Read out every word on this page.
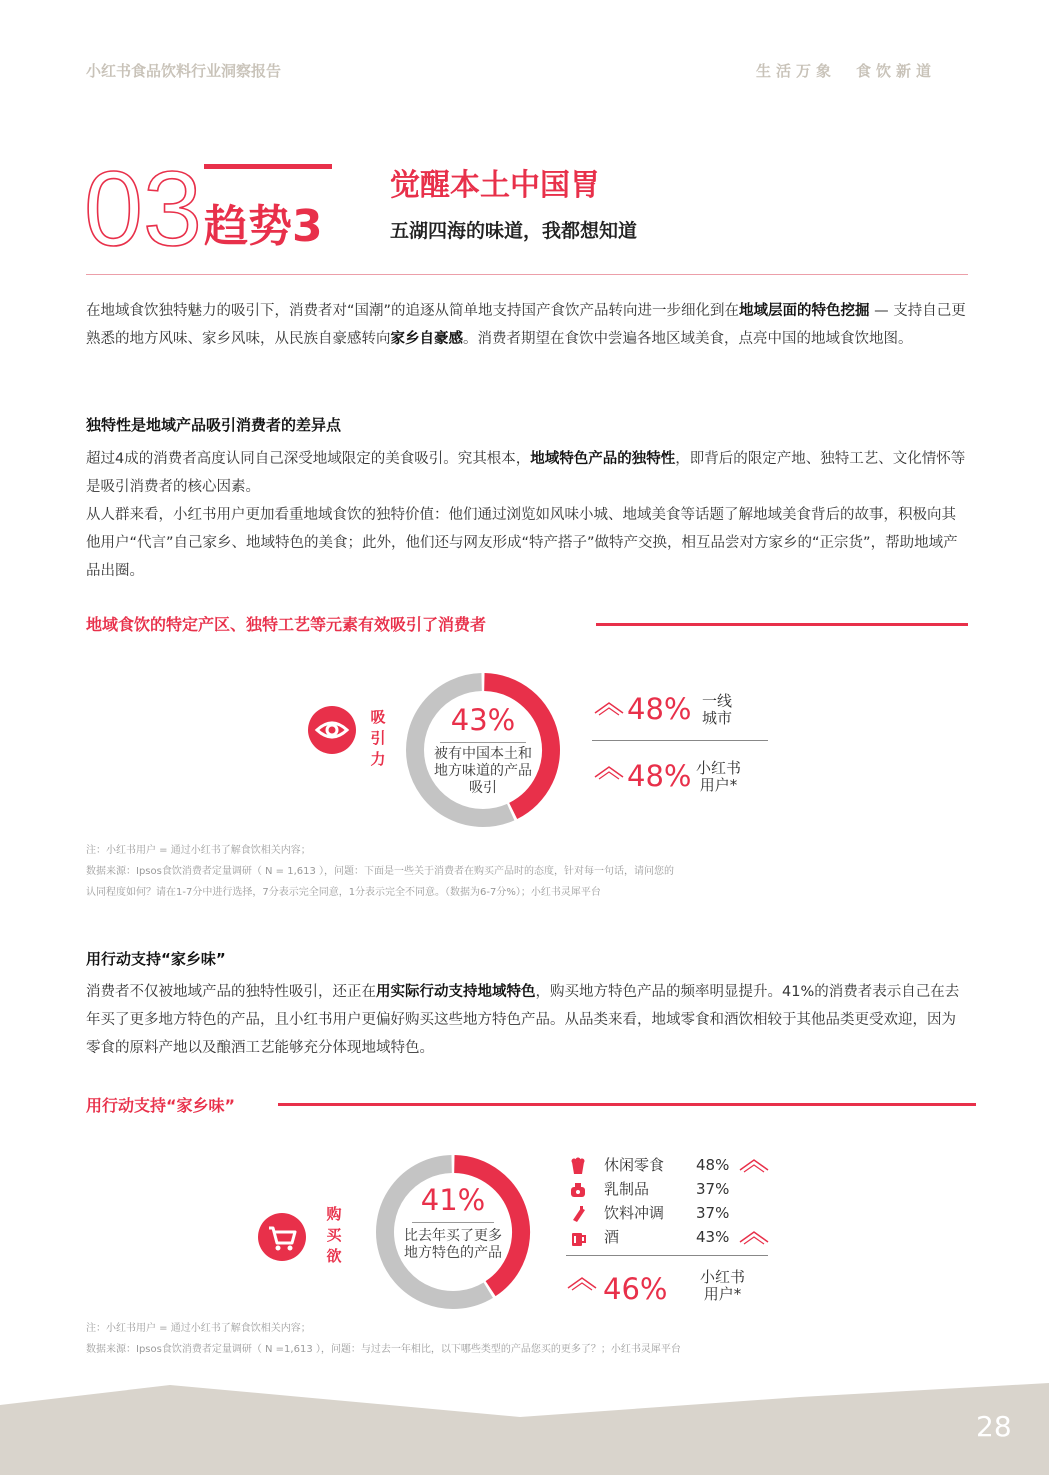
小红书食品饮料行业洞察报告	生活万象　食饮新道
03 趋势3
觉醒本土中国胃
五湖四海的味道，我都想知道
在地域食饮独特魅力的吸引下，消费者对“国潮”的追逐从简单地支持国产食饮产品转向进一步细化到在地域层面的特色挖掘 — 支持自己更熟悉的地方风味、家乡风味，从民族自豪感转向家乡自豪感。消费者期望在食饮中尝遍各地区域美食，点亮中国的地域食饮地图。
独特性是地域产品吸引消费者的差异点
超过4成的消费者高度认同自己深受地域限定的美食吸引。究其根本，地域特色产品的独特性，即背后的限定产地、独特工艺、文化情怀等是吸引消费者的核心因素。
从人群来看，小红书用户更加看重地域食饮的独特价值：他们通过浏览如风味小城、地域美食等话题了解地域美食背后的故事，积极向其他用户“代言”自己家乡、地域特色的美食；此外，他们还与网友形成“特产搭子”做特产交换，相互品尝对方家乡的“正宗货”，帮助地域产品出圈。
地域食饮的特定产区、独特工艺等元素有效吸引了消费者
吸
引
力
43%
被有中国本土和地方味道的产品吸引
48% 一线
城市
48% 小红书
用户*
注：小红书用户 = 通过小红书了解食饮相关内容；
数据来源：Ipsos食饮消费者定量调研（ N = 1,613 ），问题：下面是一些关于消费者在购买产品时的态度，针对每一句话，请问您的
认同程度如何？请在1-7分中进行选择，7分表示完全同意，1分表示完全不同意。（数据为6-7分%）；小红书灵犀平台
用行动支持“家乡味”
消费者不仅被地域产品的独特性吸引，还正在用实际行动支持地域特色，购买地方特色产品的频率明显提升。41%的消费者表示自己在去年买了更多地方特色的产品，且小红书用户更偏好购买这些地方特色产品。从品类来看，地域零食和酒饮相较于其他品类更受欢迎，因为零食的原料产地以及酿酒工艺能够充分体现地域特色。
用行动支持“家乡味”
购
买
欲
41%
比去年买了更多地方特色的产品
休闲零食 48%
乳制品	37%
饮料冲调 37%
酒	43%
46% 小红书
用户*
注：小红书用户 = 通过小红书了解食饮相关内容；
数据来源：Ipsos食饮消费者定量调研（ N =1,613 ），问题：与过去一年相比，以下哪些类型的产品您买的更多了？；小红书灵犀平台
28
